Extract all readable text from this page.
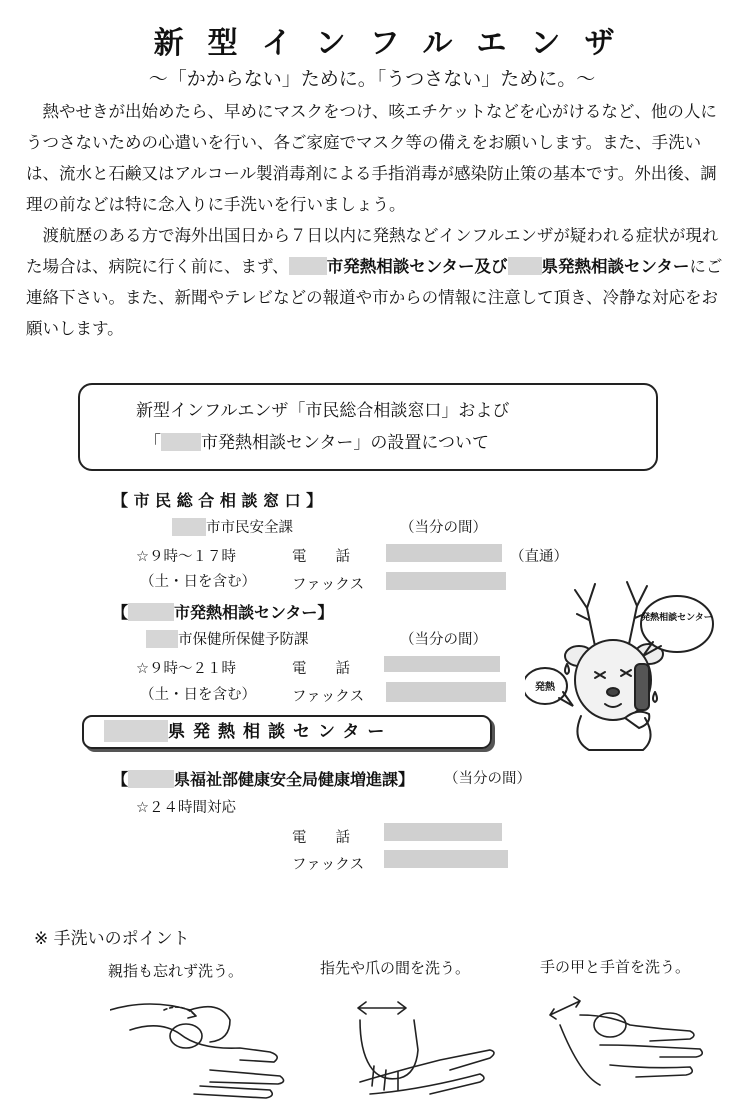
新型インフルエンザ
～「かからない」ために。「うつさない」ために。～

熱やせきが出始めたら、早めにマスクをつけ、咳エチケットなどを心がけるなど、他の人にうつさないための心遣いを行い、各ご家庭でマスク等の備えをお願いします。また、手洗いは、流水と石鹸又はアルコール製消毒剤による手指消毒が感染防止策の基本です。外出後、調理の前などは特に念入りに手洗いを行いましょう。

渡航歴のある方で海外出国日から７日以内に発熱などインフルエンザが疑われる症状が現れた場合は、病院に行く前に、まず、 市発熱相談センター及び 県発熱相談センターにご連絡下さい。また、新聞やテレビなどの報道や市からの情報に注意して頂き、冷静な対応をお願いします。

新型インフルエンザ「市民総合相談窓口」および
「 市発熱相談センター」の設置について
【 市 民 総 合 相 談 窓 口 】
市市民安全課	（当分の間）
☆９時～１７時	電　　話	（直通）
（土・日を含む） ファックス
【	市発熱相談センター】
市保健所保健予防課	（当分の間）
☆９時～２１時	電　　話
（土・日を含む） ファックス
県発熱相談センター
【	県福祉部健康安全局健康増進課】 （当分の間）
☆２４時間対応
電　　話
ファックス
発熱相談センター
発熱
※ 手洗いのポイント
親指も忘れず洗う。	指先や爪の間を洗う。	手の甲と手首を洗う。
